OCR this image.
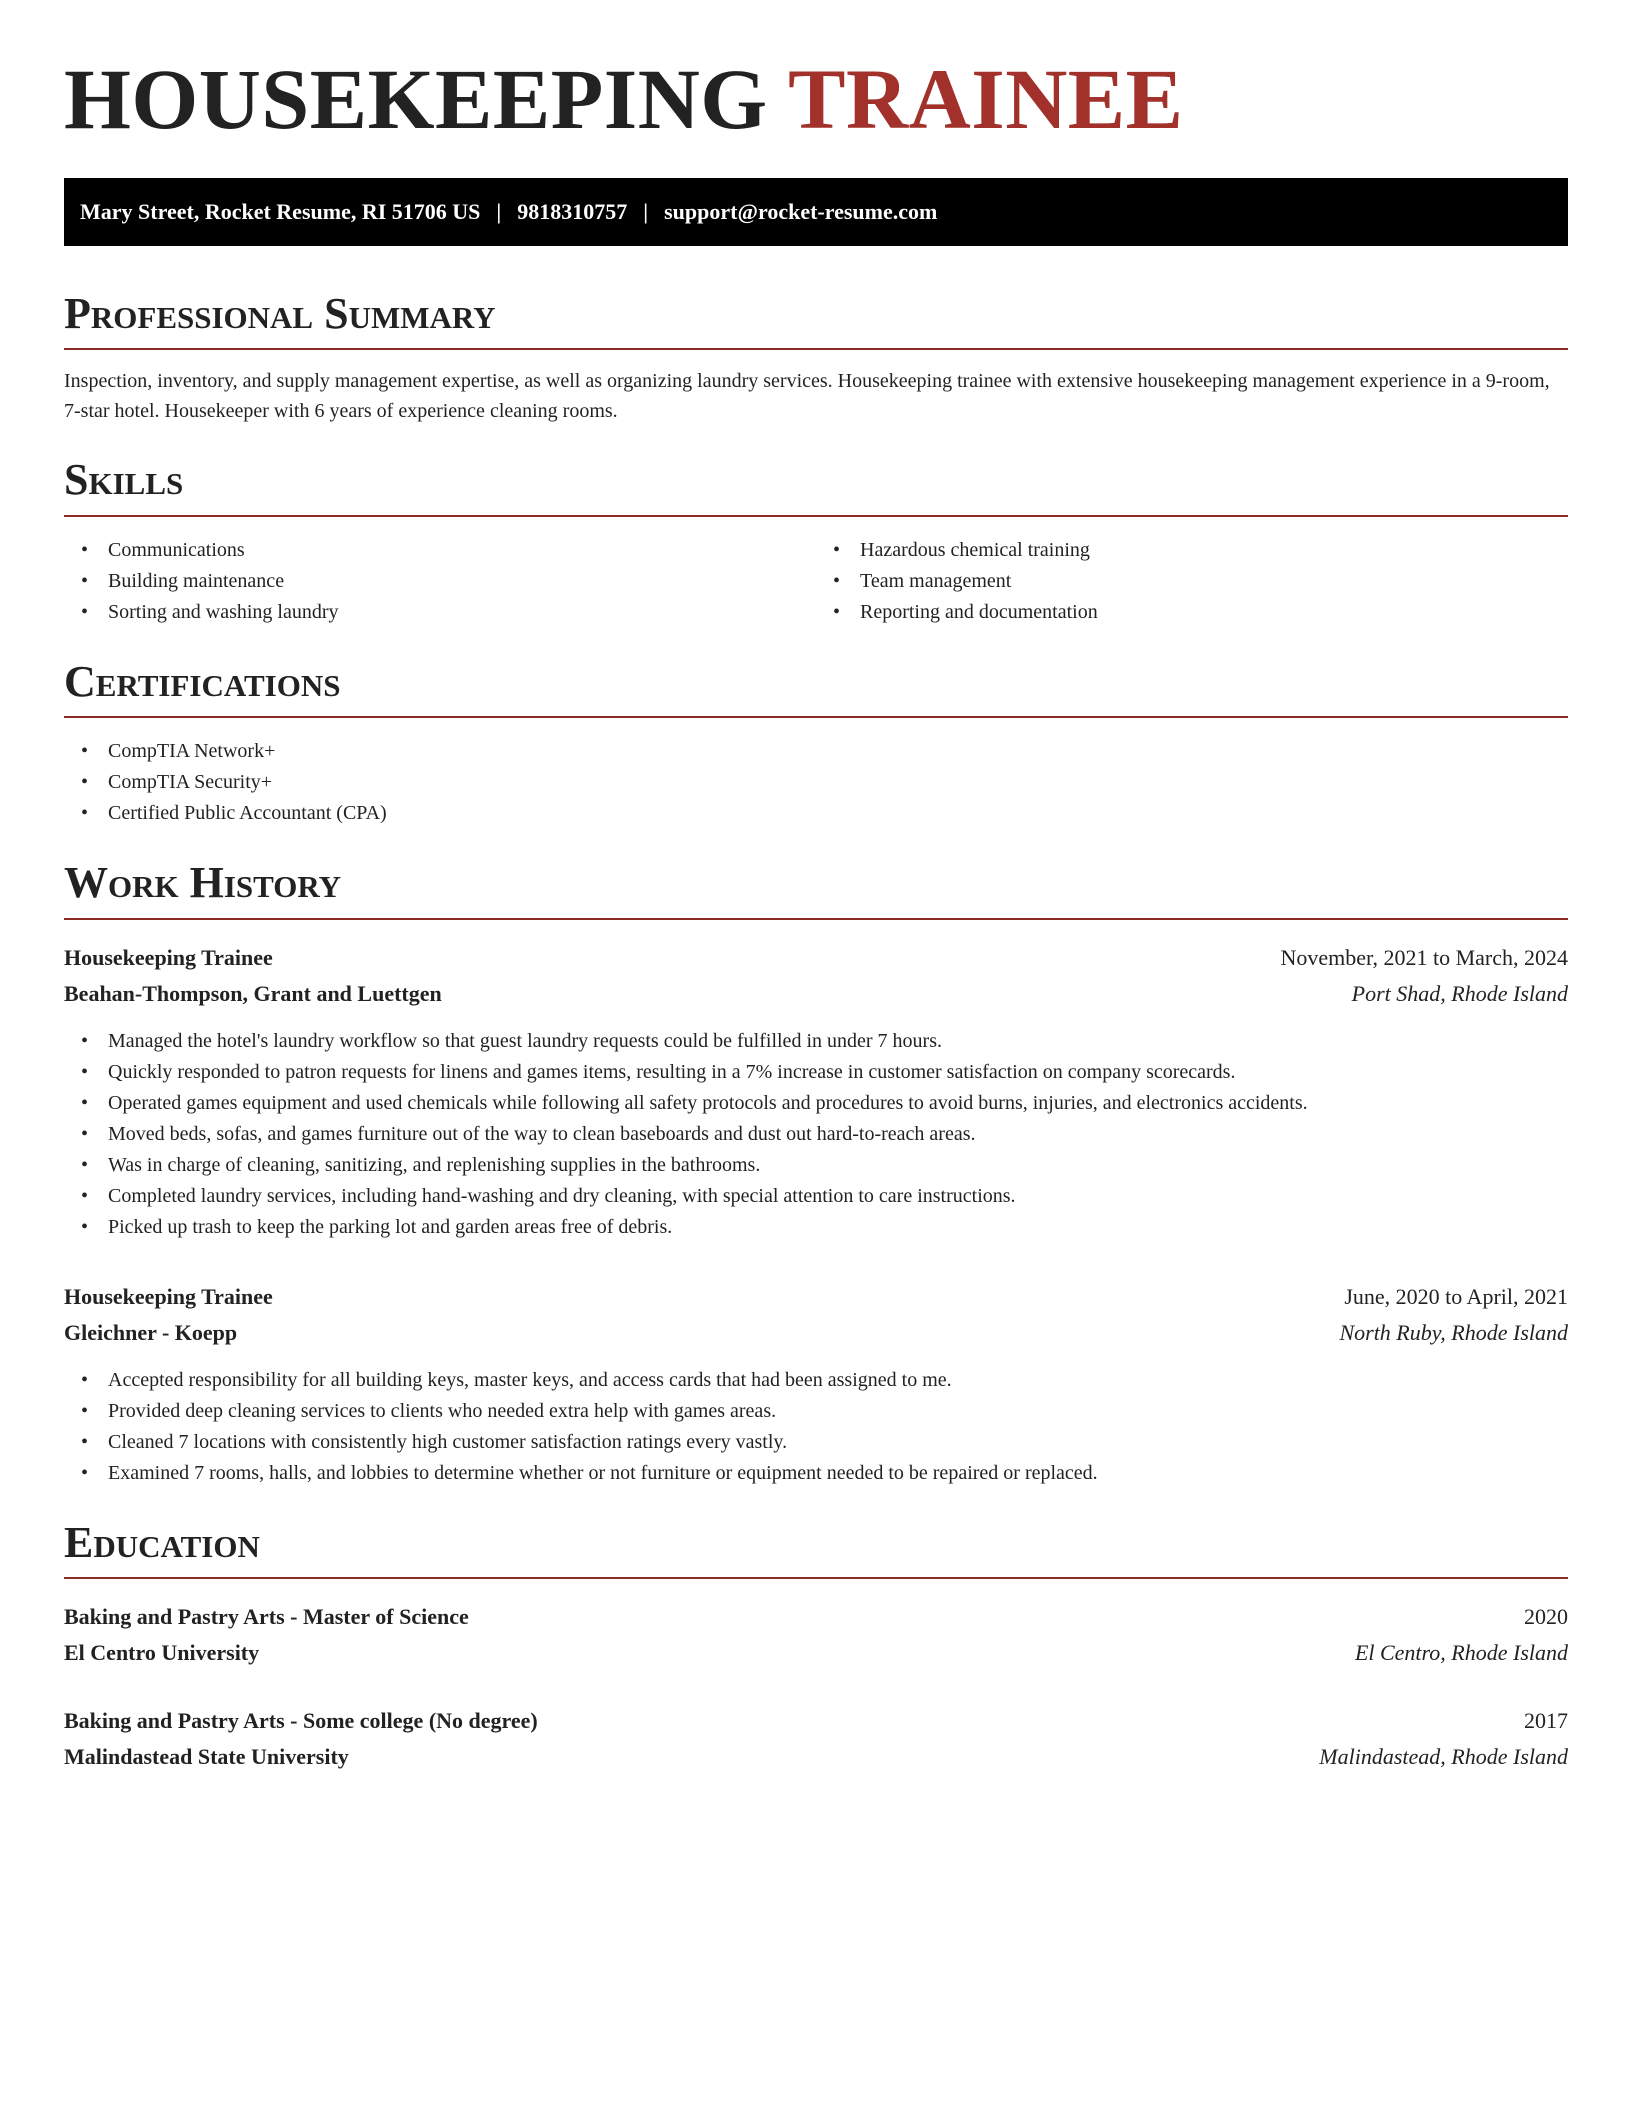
HOUSEKEEPING TRAINEE
Mary Street, Rocket Resume, RI 51706 US | 9818310757 | support@rocket-resume.com
Professional Summary

Inspection, inventory, and supply management expertise, as well as organizing laundry services. Housekeeping trainee with extensive housekeeping management experience in a 9-room, 7-star hotel. Housekeeper with 6 years of experience cleaning rooms.

Skills
• Communications
• Building maintenance
• Sorting and washing laundry
• Hazardous chemical training
• Team management
• Reporting and documentation
Certifications
• CompTIA Network+
• CompTIA Security+
• Certified Public Accountant (CPA)
Work History
Housekeeping Trainee	November, 2021 to March, 2024
Beahan-Thompson, Grant and Luettgen	Port Shad, Rhode Island
• Managed the hotel's laundry workflow so that guest laundry requests could be fulfilled in under 7 hours.
• Quickly responded to patron requests for linens and games items, resulting in a 7% increase in customer satisfaction on company scorecards.
• Operated games equipment and used chemicals while following all safety protocols and procedures to avoid burns, injuries, and electronics accidents.
• Moved beds, sofas, and games furniture out of the way to clean baseboards and dust out hard-to-reach areas.
• Was in charge of cleaning, sanitizing, and replenishing supplies in the bathrooms.
• Completed laundry services, including hand-washing and dry cleaning, with special attention to care instructions.
• Picked up trash to keep the parking lot and garden areas free of debris.
Housekeeping Trainee	June, 2020 to April, 2021
Gleichner - Koepp	North Ruby, Rhode Island
• Accepted responsibility for all building keys, master keys, and access cards that had been assigned to me.
• Provided deep cleaning services to clients who needed extra help with games areas.
• Cleaned 7 locations with consistently high customer satisfaction ratings every vastly.
• Examined 7 rooms, halls, and lobbies to determine whether or not furniture or equipment needed to be repaired or replaced.
Education
Baking and Pastry Arts - Master of Science	2020
El Centro University	El Centro, Rhode Island
Baking and Pastry Arts - Some college (No degree)	2017
Malindastead State University	Malindastead, Rhode Island
